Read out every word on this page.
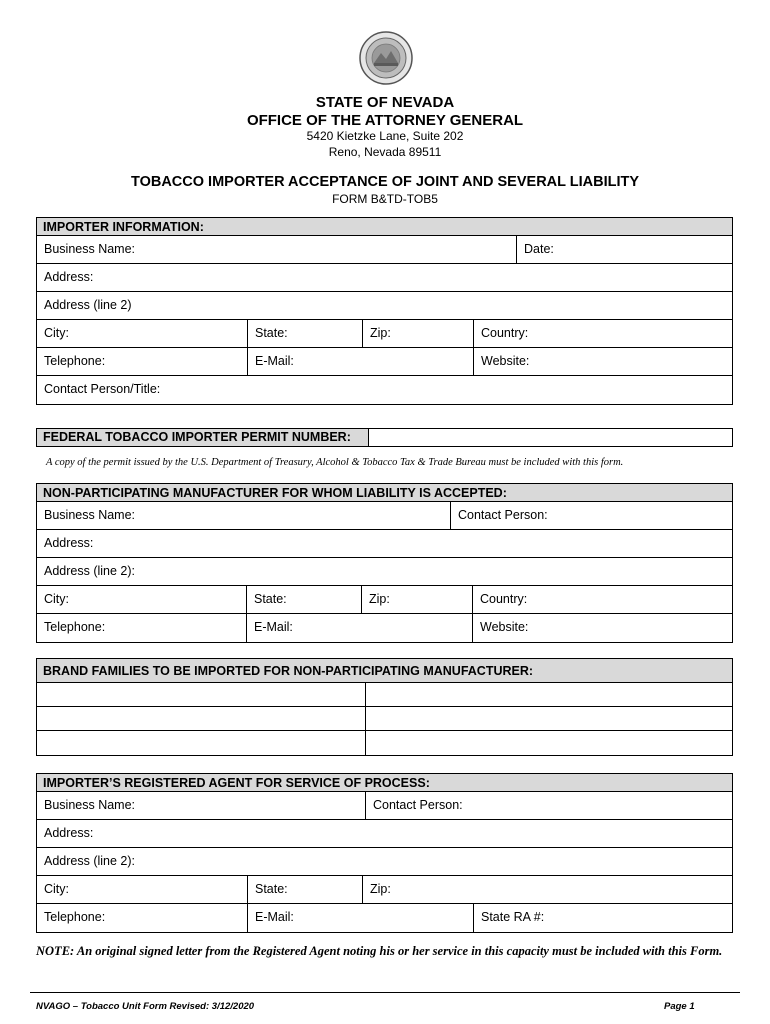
STATE OF NEVADA
OFFICE OF THE ATTORNEY GENERAL
5420 Kietzke Lane, Suite 202
Reno, Nevada 89511
TOBACCO IMPORTER ACCEPTANCE OF JOINT AND SEVERAL LIABILITY
FORM B&TD-TOB5
IMPORTER INFORMATION:
Business Name:	Date:
Address:
Address (line 2)
City:	State:	Zip:	Country:
Telephone:	E-Mail:	Website:
Contact Person/Title:
FEDERAL TOBACCO IMPORTER PERMIT NUMBER:
A copy of the permit issued by the U.S. Department of Treasury, Alcohol & Tobacco Tax & Trade Bureau must be included with this form.
NON-PARTICIPATING MANUFACTURER FOR WHOM LIABILITY IS ACCEPTED:
Business Name:	Contact Person:
Address:
Address (line 2):
City:	State:	Zip:	Country:
Telephone:	E-Mail:	Website:
BRAND FAMILIES TO BE IMPORTED FOR NON-PARTICIPATING MANUFACTURER:
IMPORTER’S REGISTERED AGENT FOR SERVICE OF PROCESS:
Business Name:	Contact Person:
Address:
Address (line 2):
City:	State:	Zip:
Telephone:	E-Mail:	State RA #:
NOTE: An original signed letter from the Registered Agent noting his or her service in this capacity must be included with this Form.
NVAGO – Tobacco Unit Form Revised: 3/12/2020	Page 1
